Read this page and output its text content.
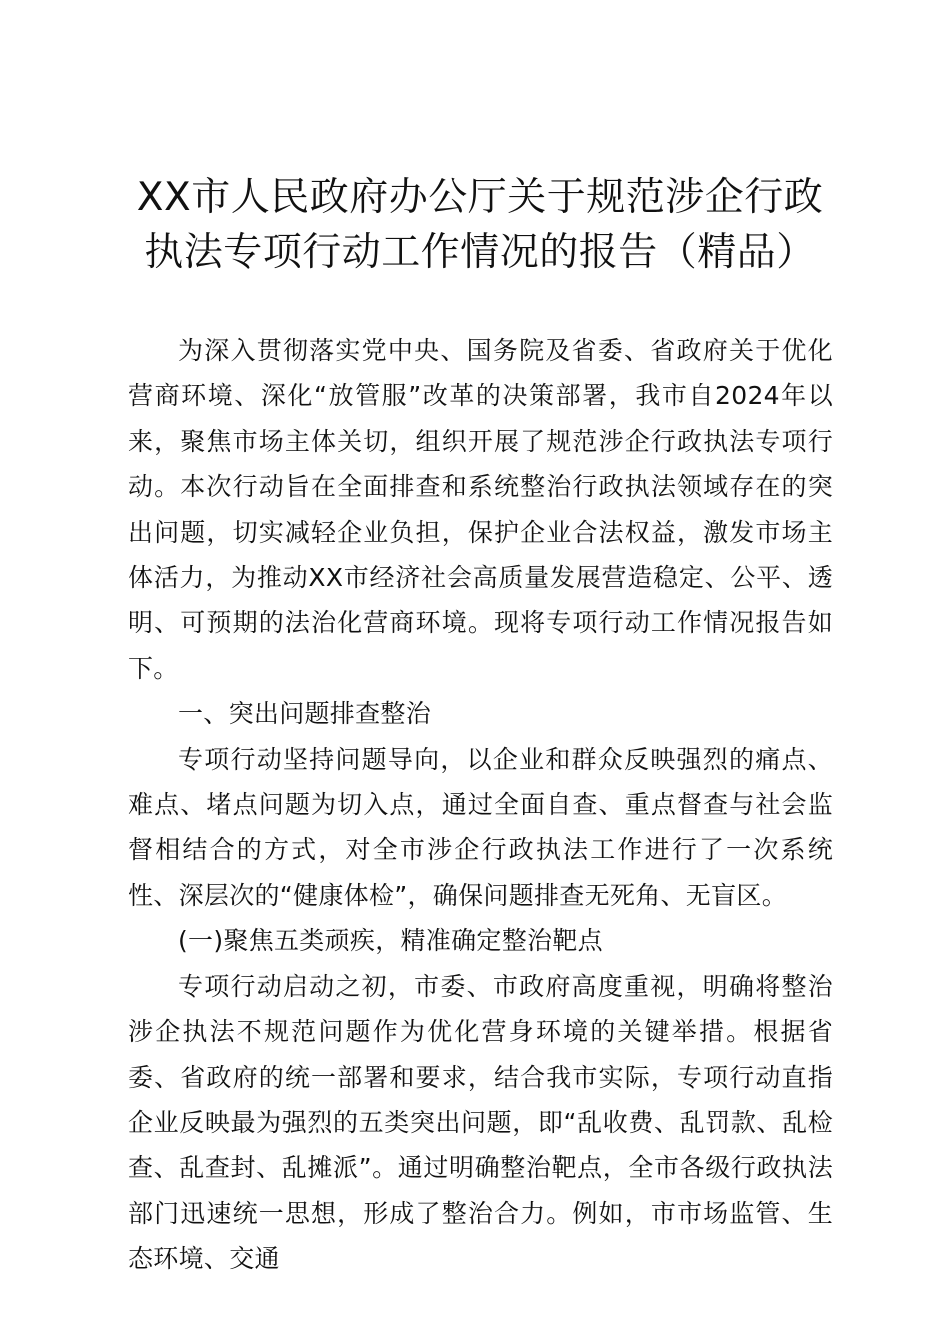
XX市人民政府办公厅关于规范涉企行政执法专项行动工作情况的报告（精品）

为深入贯彻落实党中央、国务院及省委、省政府关于优化营商环境、深化“放管服”改革的决策部署，我市自2024年以来，聚焦市场主体关切，组织开展了规范涉企行政执法专项行动。本次行动旨在全面排查和系统整治行政执法领域存在的突出问题，切实减轻企业负担，保护企业合法权益，激发市场主体活力，为推动XX市经济社会高质量发展营造稳定、公平、透明、可预期的法治化营商环境。现将专项行动工作情况报告如下。

一、突出问题排查整治

专项行动坚持问题导向，以企业和群众反映强烈的痛点、难点、堵点问题为切入点，通过全面自查、重点督查与社会监督相结合的方式，对全市涉企行政执法工作进行了一次系统性、深层次的“健康体检”，确保问题排查无死角、无盲区。

(一)聚焦五类顽疾，精准确定整治靶点

专项行动启动之初，市委、市政府高度重视，明确将整治涉企执法不规范问题作为优化营身环境的关键举措。根据省委、省政府的统一部署和要求，结合我市实际，专项行动直指企业反映最为强烈的五类突出问题，即“乱收费、乱罚款、乱检查、乱查封、乱摊派”。通过明确整治靶点，全市各级行政执法部门迅速统一思想，形成了整治合力。例如，市市场监管、生态环境、交通
